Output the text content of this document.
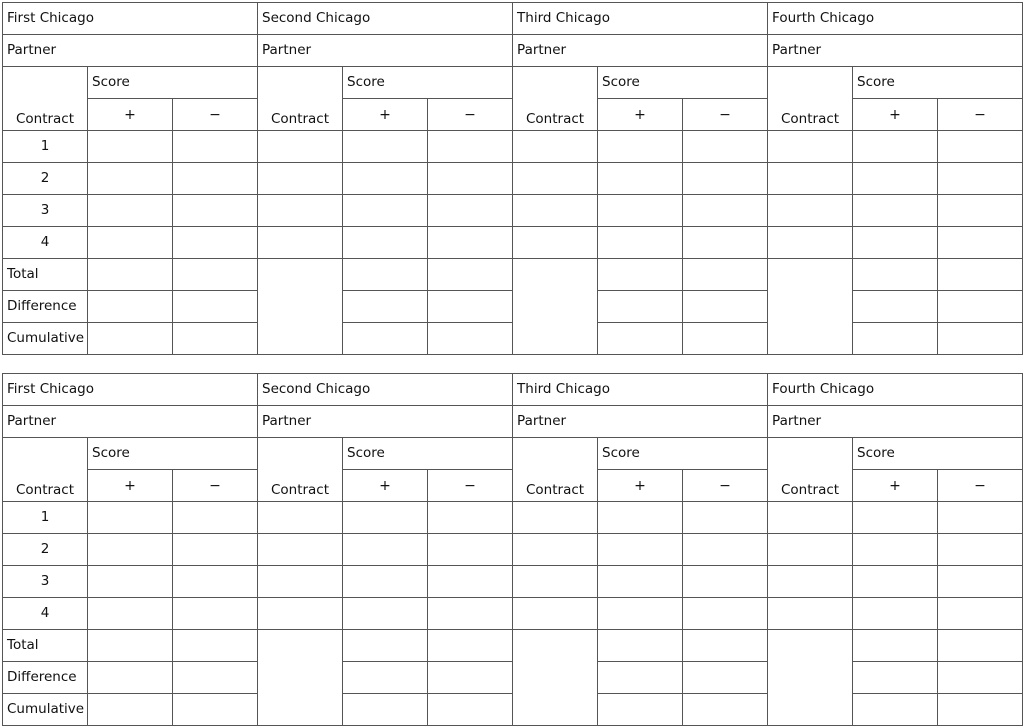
First Chicago			Second Chicago			Third Chicago			Fourth Chicago		
Partner			Partner			Partner			Partner		
Contract	Score		Contract	Score		Contract	Score		Contract	Score	
	+	−		+	−		+	−		+	−
1											
2											
3											
4											
Total											
Difference											
Cumulative											
First Chicago			Second Chicago			Third Chicago			Fourth Chicago		
Partner			Partner			Partner			Partner		
Contract	Score		Contract	Score		Contract	Score		Contract	Score	
	+	−		+	−		+	−		+	−
1											
2											
3											
4											
Total											
Difference											
Cumulative											
